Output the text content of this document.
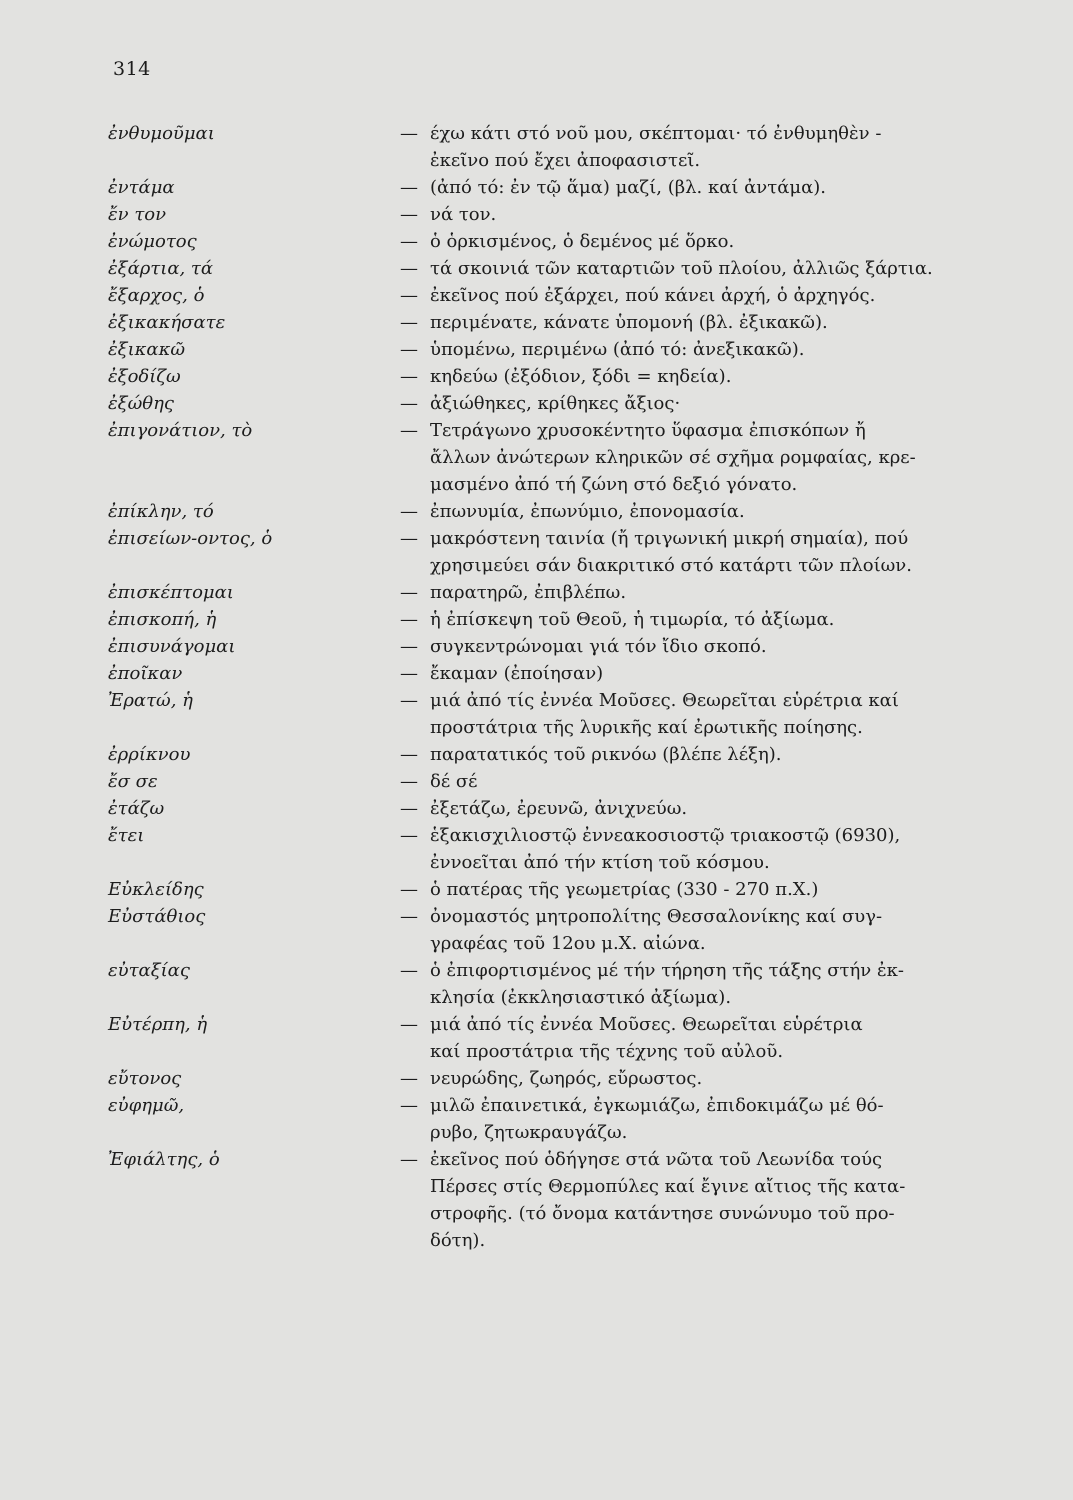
314
ἐνθυμοῦμαι	— έχω κάτι στό νοῦ μου, σκέπτομαι· τό ἐνθυμηθὲν -
ἐκεῖνο πού ἔχει ἀποφασιστεῖ.
ἐντάμα	— (ἀπό τό: ἐν τῷ ἅμα) μαζί, (βλ. καί ἀντάμα).
ἔν τον	— νά τον.
ἐνώμοτος	— ὁ ὁρκισμένος, ὁ δεμένος μέ ὅρκο.
ἐξάρτια, τά	— τά σκοινιά τῶν καταρτιῶν τοῦ πλοίου, ἀλλιῶς ξάρτια.
ἔξαρχος, ὁ	— ἐκεῖνος πού ἐξάρχει, πού κάνει ἀρχή, ὁ ἀρχηγός.
ἐξικακήσατε	— περιμένατε, κάνατε ὑπομονή (βλ. ἐξικακῶ).
ἐξικακῶ	— ὑπομένω, περιμένω (ἀπό τό: ἀνεξικακῶ).
ἐξοδίζω	— κηδεύω (ἐξόδιον, ξόδι = κηδεία).
ἐξώθης	— ἀξιώθηκες, κρίθηκες ἄξιος·
ἐπιγονάτιον, τὸ	— Τετράγωνο χρυσοκέντητο ὕφασμα ἐπισκόπων ἤ
ἄλλων ἀνώτερων κληρικῶν σέ σχῆμα ρομφαίας, κρε-
μασμένο ἀπό τή ζώνη στό δεξιό γόνατο.
ἐπίκλην, τό	— ἐπωνυμία, ἐπωνύμιο, ἐπονομασία.
ἐπισείων-οντος, ὁ	— μακρόστενη ταινία (ἤ τριγωνική μικρή σημαία), πού
χρησιμεύει σάν διακριτικό στό κατάρτι τῶν πλοίων.
ἐπισκέπτομαι	— παρατηρῶ, ἐπιβλέπω.
ἐπισκοπή, ἡ	— ἡ ἐπίσκεψη τοῦ Θεοῦ, ἡ τιμωρία, τό ἀξίωμα.
ἐπισυνάγομαι	— συγκεντρώνομαι γιά τόν ἴδιο σκοπό.
ἐποῖκαν	— ἔκαμαν (ἐποίησαν)
Ἐρατώ, ἡ	— μιά ἀπό τίς ἐννέα Μοῦσες. Θεωρεῖται εὑρέτρια καί
προστάτρια τῆς λυρικῆς καί ἐρωτικῆς ποίησης.
ἐρρίκνου	— παρατατικός τοῦ ρικνόω (βλέπε λέξη).
ἔσ σε	— δέ σέ
ἐτάζω	— ἐξετάζω, ἐρευνῶ, ἀνιχνεύω.
ἔτει	— ἑξακισχιλιοστῷ ἐννεακοσιοστῷ τριακοστῷ (6930),
ἐννοεῖται ἀπό τήν κτίση τοῦ κόσμου.
Εὐκλείδης	— ὁ πατέρας τῆς γεωμετρίας (330 - 270 π.Χ.)
Εὐστάθιος	— ὀνομαστός μητροπολίτης Θεσσαλονίκης καί συγ-
γραφέας τοῦ 12ου μ.Χ. αἰώνα.
εὐταξίας	— ὁ ἐπιφορτισμένος μέ τήν τήρηση τῆς τάξης στήν ἐκ-
κλησία (ἐκκλησιαστικό ἀξίωμα).
Εὐτέρπη, ἡ	— μιά ἀπό τίς ἐννέα Μοῦσες. Θεωρεῖται εὑρέτρια
καί προστάτρια τῆς τέχνης τοῦ αὐλοῦ.
εὔτονος	— νευρώδης, ζωηρός, εὔρωστος.
εὐφημῶ,	— μιλῶ ἐπαινετικά, ἐγκωμιάζω, ἐπιδοκιμάζω μέ θό-
ρυβο, ζητωκραυγάζω.
Ἐφιάλτης, ὁ	— ἐκεῖνος πού ὁδήγησε στά νῶτα τοῦ Λεωνίδα τούς
Πέρσες στίς Θερμοπύλες καί ἔγινε αἴτιος τῆς κατα-
στροφῆς. (τό ὄνομα κατάντησε συνώνυμο τοῦ προ-
δότη).
